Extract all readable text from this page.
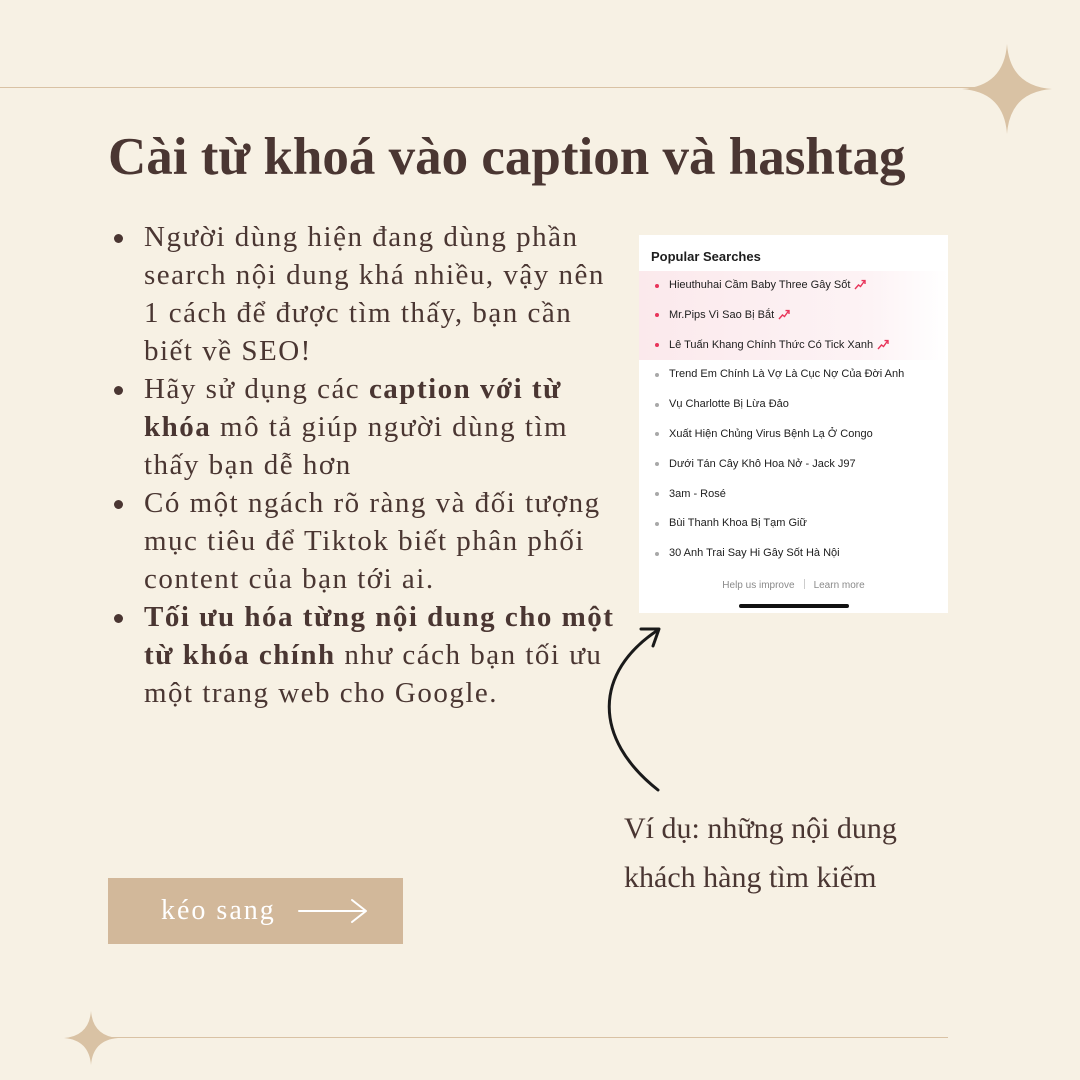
Cài từ khoá vào caption và hashtag
Người dùng hiện đang dùng phần search nội dung khá nhiều, vậy nên 1 cách để được tìm thấy, bạn cần biết về SEO!
Hãy sử dụng các caption với từ khóa mô tả giúp người dùng tìm thấy bạn dễ hơn
Có một ngách rõ ràng và đối tượng mục tiêu để Tiktok biết phân phối content của bạn tới ai.
Tối ưu hóa từng nội dung cho một từ khóa chính như cách bạn tối ưu một trang web cho Google.
Popular Searches
Hieuthuhai Cầm Baby Three Gây Sốt
Mr.Pips Vì Sao Bị Bắt
Lê Tuấn Khang Chính Thức Có Tick Xanh
Trend Em Chính Là Vợ Là Cục Nợ Của Đời Anh
Vụ Charlotte Bị Lừa Đảo
Xuất Hiện Chủng Virus Bệnh Lạ Ở Congo
Dưới Tán Cây Khô Hoa Nở - Jack J97
3am - Rosé
Bùi Thanh Khoa Bị Tạm Giữ
30 Anh Trai Say Hi Gây Sốt Hà Nội
Help us improve Learn more

Ví dụ: những nội dung
khách hàng tìm kiếm

kéo sang
